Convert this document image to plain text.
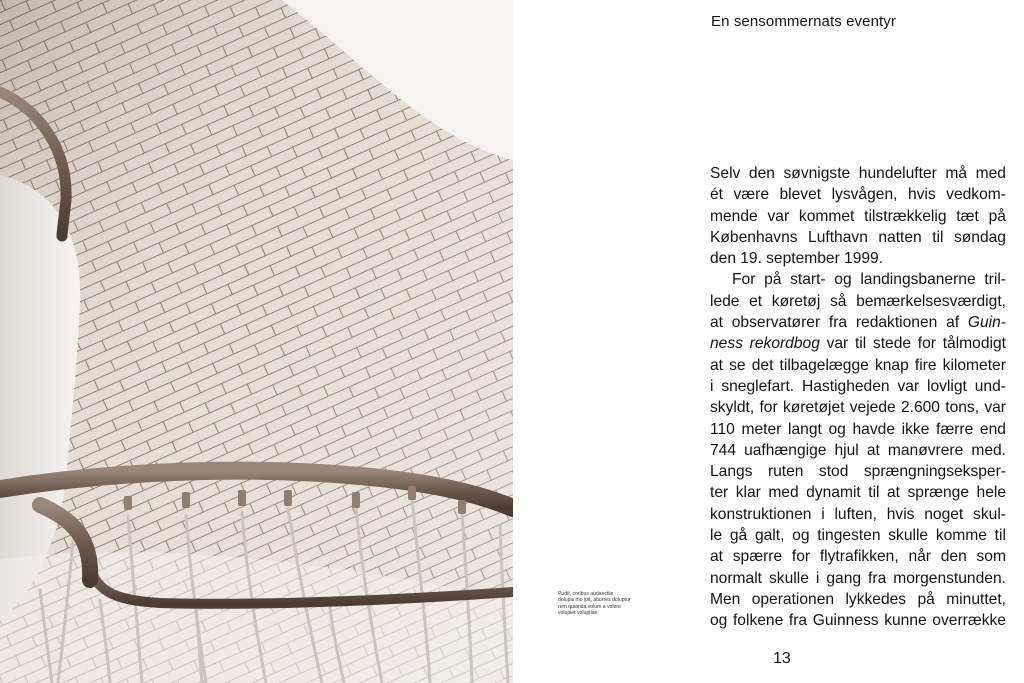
En sensommernats eventyr
Selv den søvnigste hundelufter må med
ét være blevet lysvågen, hvis vedkom-
mende var kommet tilstrækkelig tæt på
Københavns Lufthavn natten til søndag
den 19. september 1999.
For på start- og landingsbanerne tril-
lede et køretøj så bemærkelsesværdigt,
at observatører fra redaktionen af Guin-
ness rekordbog var til stede for tålmodigt
at se det tilbagelægge knap fire kilometer
i sneglefart. Hastigheden var lovligt und-
skyldt, for køretøjet vejede 2.600 tons, var
110 meter langt og havde ikke færre end
744 uafhængige hjul at manøvrere med.
Langs ruten stod sprængningseksper-
ter klar med dynamit til at sprænge hele
konstruktionen i luften, hvis noget skul-
le gå galt, og tingesten skulle komme til
at spærre for flytrafikken, når den som
normalt skulle i gang fra morgenstunden.
Men operationen lykkedes på minuttet,
og folkene fra Guinness kunne overrække
Pudit, coribus audaectiis
dolupis mo ipit, aborres doluptur
rem quianda volum a volore
volupiet voluptiae
13
